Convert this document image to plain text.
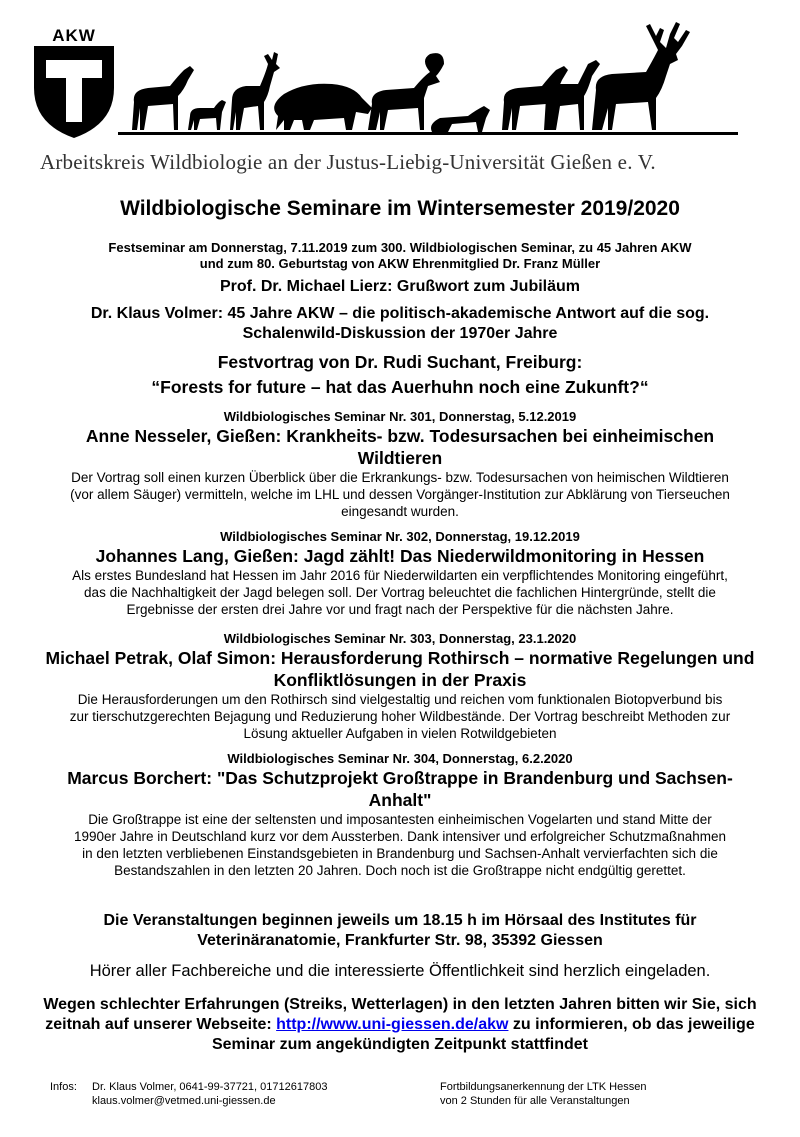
AKW
Arbeitskreis Wildbiologie an der Justus-Liebig-Universität Gießen e. V.
Wildbiologische Seminare im Wintersemester 2019/2020

Festseminar am Donnerstag, 7.11.2019 zum 300. Wildbiologischen Seminar, zu 45 Jahren AKW

und zum 80. Geburtstag von AKW Ehrenmitglied Dr. Franz Müller

Prof. Dr. Michael Lierz: Grußwort zum Jubiläum

Dr. Klaus Volmer: 45 Jahre AKW – die politisch-akademische Antwort auf die sog.

Schalenwild-Diskussion der 1970er Jahre

Festvortrag von Dr. Rudi Suchant, Freiburg:

“Forests for future – hat das Auerhuhn noch eine Zukunft?“

Wildbiologisches Seminar Nr. 301, Donnerstag, 5.12.2019

Anne Nesseler, Gießen: Krankheits- bzw. Todesursachen bei einheimischen

Wildtieren

Der Vortrag soll einen kurzen Überblick über die Erkrankungs- bzw. Todesursachen von heimischen Wildtieren

(vor allem Säuger) vermitteln, welche im LHL und dessen Vorgänger-Institution zur Abklärung von Tierseuchen

eingesandt wurden.

Wildbiologisches Seminar Nr. 302, Donnerstag, 19.12.2019

Johannes Lang, Gießen: Jagd zählt! Das Niederwildmonitoring in Hessen

Als erstes Bundesland hat Hessen im Jahr 2016 für Niederwildarten ein verpflichtendes Monitoring eingeführt,

das die Nachhaltigkeit der Jagd belegen soll. Der Vortrag beleuchtet die fachlichen Hintergründe, stellt die

Ergebnisse der ersten drei Jahre vor und fragt nach der Perspektive für die nächsten Jahre.

Wildbiologisches Seminar Nr. 303, Donnerstag, 23.1.2020

Michael Petrak, Olaf Simon: Herausforderung Rothirsch – normative Regelungen und

Konfliktlösungen in der Praxis

Die Herausforderungen um den Rothirsch sind vielgestaltig und reichen vom funktionalen Biotopverbund bis

zur tierschutzgerechten Bejagung und Reduzierung hoher Wildbestände. Der Vortrag beschreibt Methoden zur

Lösung aktueller Aufgaben in vielen Rotwildgebieten

Wildbiologisches Seminar Nr. 304, Donnerstag, 6.2.2020

Marcus Borchert: "Das Schutzprojekt Großtrappe in Brandenburg und Sachsen-

Anhalt"

Die Großtrappe ist eine der seltensten und imposantesten einheimischen Vogelarten und stand Mitte der

1990er Jahre in Deutschland kurz vor dem Aussterben. Dank intensiver und erfolgreicher Schutzmaßnahmen

in den letzten verbliebenen Einstandsgebieten in Brandenburg und Sachsen-Anhalt vervierfachten sich die

Bestandszahlen in den letzten 20 Jahren. Doch noch ist die Großtrappe nicht endgültig gerettet.

Die Veranstaltungen beginnen jeweils um 18.15 h im Hörsaal des Institutes für

Veterinäranatomie, Frankfurter Str. 98, 35392 Giessen

Hörer aller Fachbereiche und die interessierte Öffentlichkeit sind herzlich eingeladen.

Wegen schlechter Erfahrungen (Streiks, Wetterlagen) in den letzten Jahren bitten wir Sie, sich

zeitnah auf unserer Webseite: http://www.uni-giessen.de/akw zu informieren, ob das jeweilige

Seminar zum angekündigten Zeitpunkt stattfindet

Infos: Dr. Klaus Volmer, 0641-99-37721, 01712617803
klaus.volmer@vetmed.uni-giessen.de
Fortbildungsanerkennung der LTK Hessen
von 2 Stunden für alle Veranstaltungen
